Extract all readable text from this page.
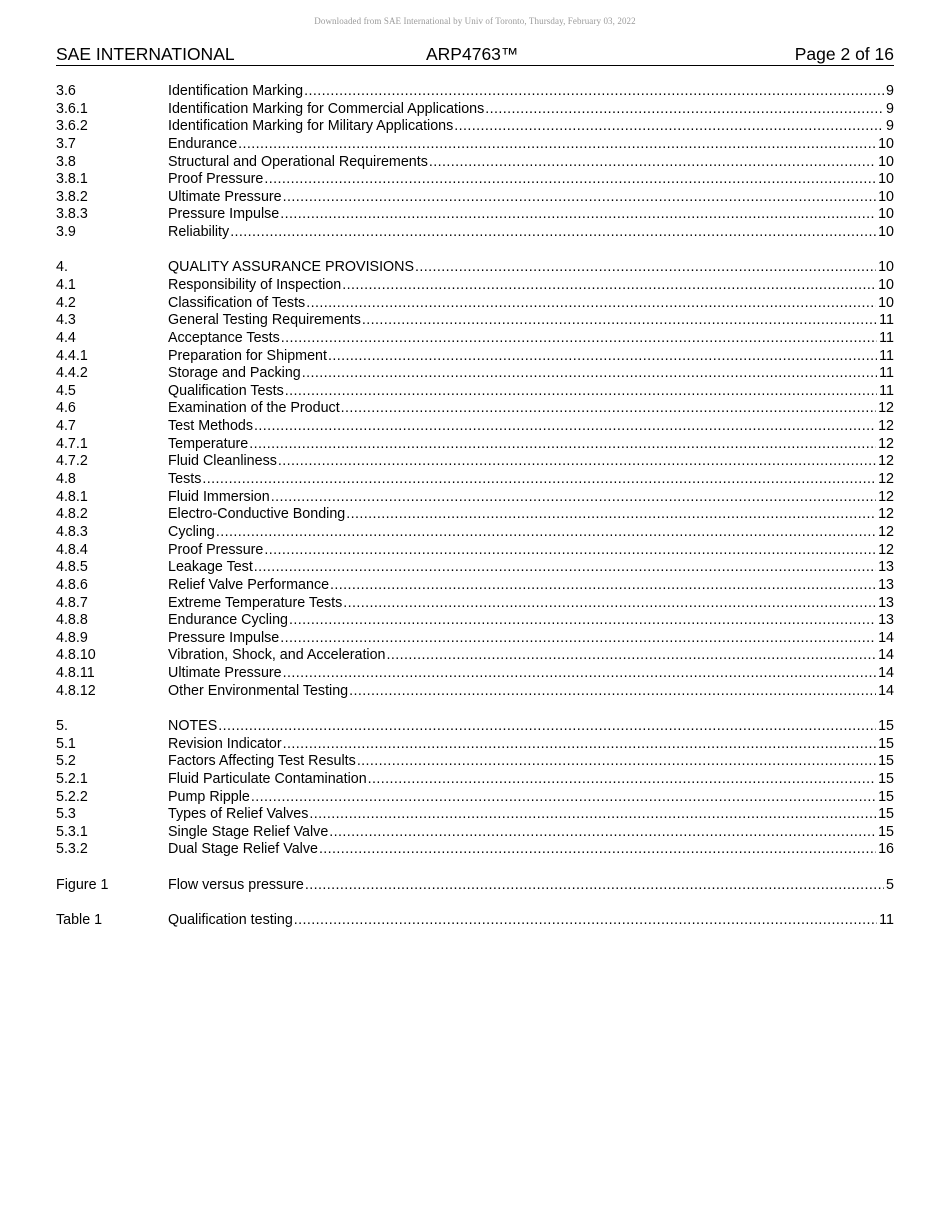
Downloaded from SAE International by Univ of Toronto, Thursday, February 03, 2022
SAE INTERNATIONAL	ARP4763™	Page 2 of 16
3.6	Identification Marking .....	9
3.6.1	Identification Marking for Commercial Applications .....	9
3.6.2	Identification Marking for Military Applications .....	9
3.7	Endurance .....	10
3.8	Structural and Operational Requirements .....	10
3.8.1	Proof Pressure .....	10
3.8.2	Ultimate Pressure .....	10
3.8.3	Pressure Impulse .....	10
3.9	Reliability .....	10
4.	QUALITY ASSURANCE PROVISIONS .....	10
4.1	Responsibility of Inspection .....	10
4.2	Classification of Tests .....	10
4.3	General Testing Requirements .....	11
4.4	Acceptance Tests .....	11
4.4.1	Preparation for Shipment .....	11
4.4.2	Storage and Packing .....	11
4.5	Qualification Tests .....	11
4.6	Examination of the Product .....	12
4.7	Test Methods .....	12
4.7.1	Temperature .....	12
4.7.2	Fluid Cleanliness .....	12
4.8	Tests .....	12
4.8.1	Fluid Immersion .....	12
4.8.2	Electro-Conductive Bonding .....	12
4.8.3	Cycling .....	12
4.8.4	Proof Pressure .....	12
4.8.5	Leakage Test .....	13
4.8.6	Relief Valve Performance .....	13
4.8.7	Extreme Temperature Tests .....	13
4.8.8	Endurance Cycling .....	13
4.8.9	Pressure Impulse .....	14
4.8.10	Vibration, Shock, and Acceleration .....	14
4.8.11	Ultimate Pressure .....	14
4.8.12	Other Environmental Testing .....	14
5.	NOTES .....	15
5.1	Revision Indicator .....	15
5.2	Factors Affecting Test Results .....	15
5.2.1	Fluid Particulate Contamination .....	15
5.2.2	Pump Ripple .....	15
5.3	Types of Relief Valves .....	15
5.3.1	Single Stage Relief Valve .....	15
5.3.2	Dual Stage Relief Valve .....	16
Figure 1	Flow versus pressure .....	5
Table 1	Qualification testing .....	11
